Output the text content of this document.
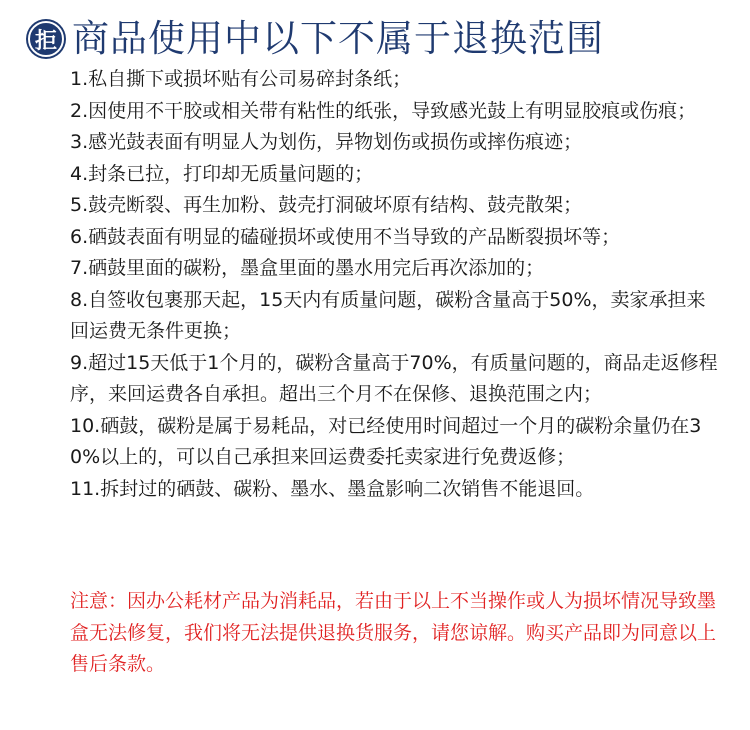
拒 商品使用中以下不属于退换范围
1.私自撕下或损坏贴有公司易碎封条纸；
2.因使用不干胶或相关带有粘性的纸张，导致感光鼓上有明显胶痕或伤痕；
3.感光鼓表面有明显人为划伤，异物划伤或损伤或摔伤痕迹；
4.封条已拉，打印却无质量问题的；
5.鼓壳断裂、再生加粉、鼓壳打洞破坏原有结构、鼓壳散架；
6.硒鼓表面有明显的磕碰损坏或使用不当导致的产品断裂损坏等；
7.硒鼓里面的碳粉，墨盒里面的墨水用完后再次添加的；
8.自签收包裹那天起，15天内有质量问题，碳粉含量高于50%，卖家承担来回运费无条件更换；
9.超过15天低于1个月的，碳粉含量高于70%，有质量问题的，商品走返修程序，来回运费各自承担。超出三个月不在保修、退换范围之内；
10.硒鼓，碳粉是属于易耗品，对已经使用时间超过一个月的碳粉余量仍在30%以上的，可以自己承担来回运费委托卖家进行免费返修；
11.拆封过的硒鼓、碳粉、墨水、墨盒影响二次销售不能退回。
注意：因办公耗材产品为消耗品，若由于以上不当操作或人为损坏情况导致墨盒无法修复，我们将无法提供退换货服务，请您谅解。购买产品即为同意以上售后条款。
